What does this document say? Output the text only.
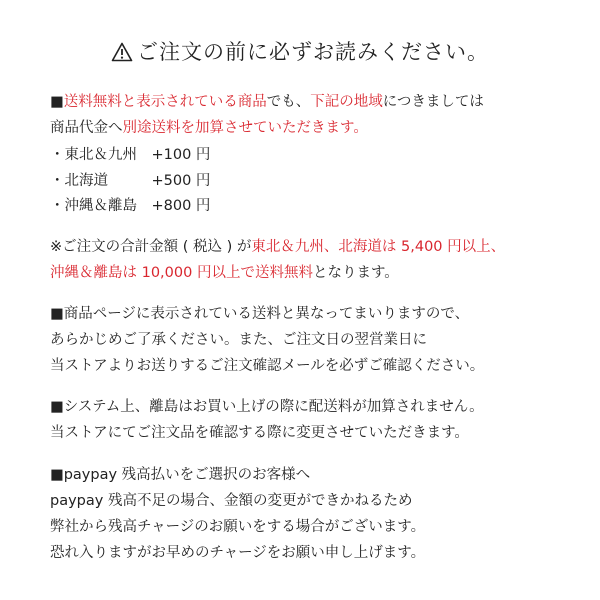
ご注文の前に必ずお読みください。
■送料無料と表示されている商品でも、下記の地域につきましては
商品代金へ別途送料を加算させていただきます。
・東北＆九州　+100 円
・北海道　　　+500 円
・沖縄＆離島　+800 円
※ご注文の合計金額 ( 税込 ) が東北＆九州、北海道は 5,400 円以上、
沖縄＆離島は 10,000 円以上で送料無料となります。
■商品ページに表示されている送料と異なってまいりますので、
あらかじめご了承ください。また、ご注文日の翌営業日に
当ストアよりお送りするご注文確認メールを必ずご確認ください。
■システム上、離島はお買い上げの際に配送料が加算されません。
当ストアにてご注文品を確認する際に変更させていただきます。
■paypay 残高払いをご選択のお客様へ
paypay 残高不足の場合、金額の変更ができかねるため
弊社から残高チャージのお願いをする場合がございます。
恐れ入りますがお早めのチャージをお願い申し上げます。
